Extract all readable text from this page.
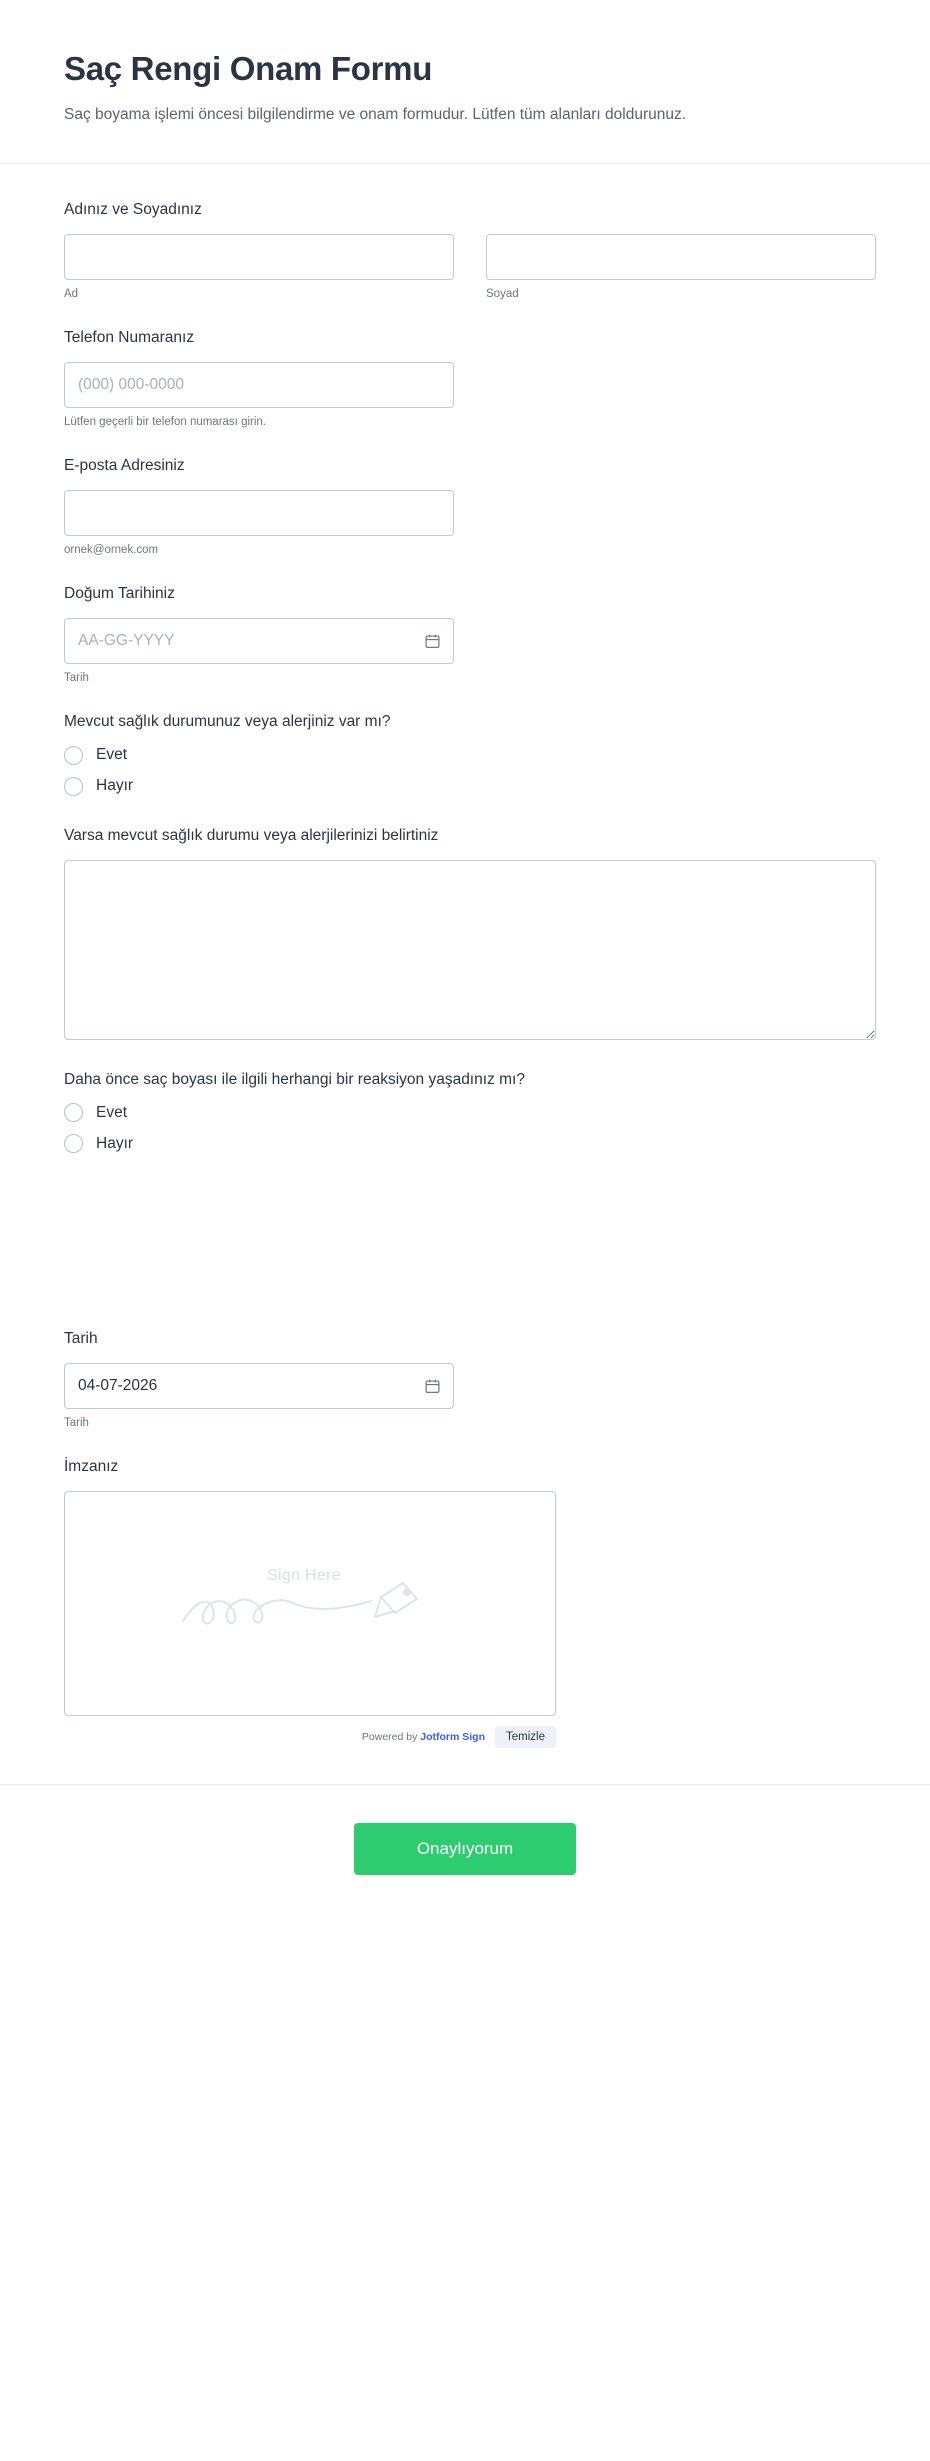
Saç Rengi Onam Formu

Saç boyama işlemi öncesi bilgilendirme ve onam formudur. Lütfen tüm alanları doldurunuz.

Adınız ve Soyadınız
Ad	Soyad
Telefon Numaranız
(000) 000-0000
Lütfen geçerli bir telefon numarası girin.
E-posta Adresiniz
ornek@ornek.com
Doğum Tarihiniz
AA-GG-YYYY
Tarih
Mevcut sağlık durumunuz veya alerjiniz var mı?
Evet
Hayır
Varsa mevcut sağlık durumu veya alerjilerinizi belirtiniz
Daha önce saç boyası ile ilgili herhangi bir reaksiyon yaşadınız mı?
Evet
Hayır
Tarih
04-07-2026
Tarih
İmzanız
Sign Here
Powered by Jotform Sign	Temizle
Onaylıyorum
